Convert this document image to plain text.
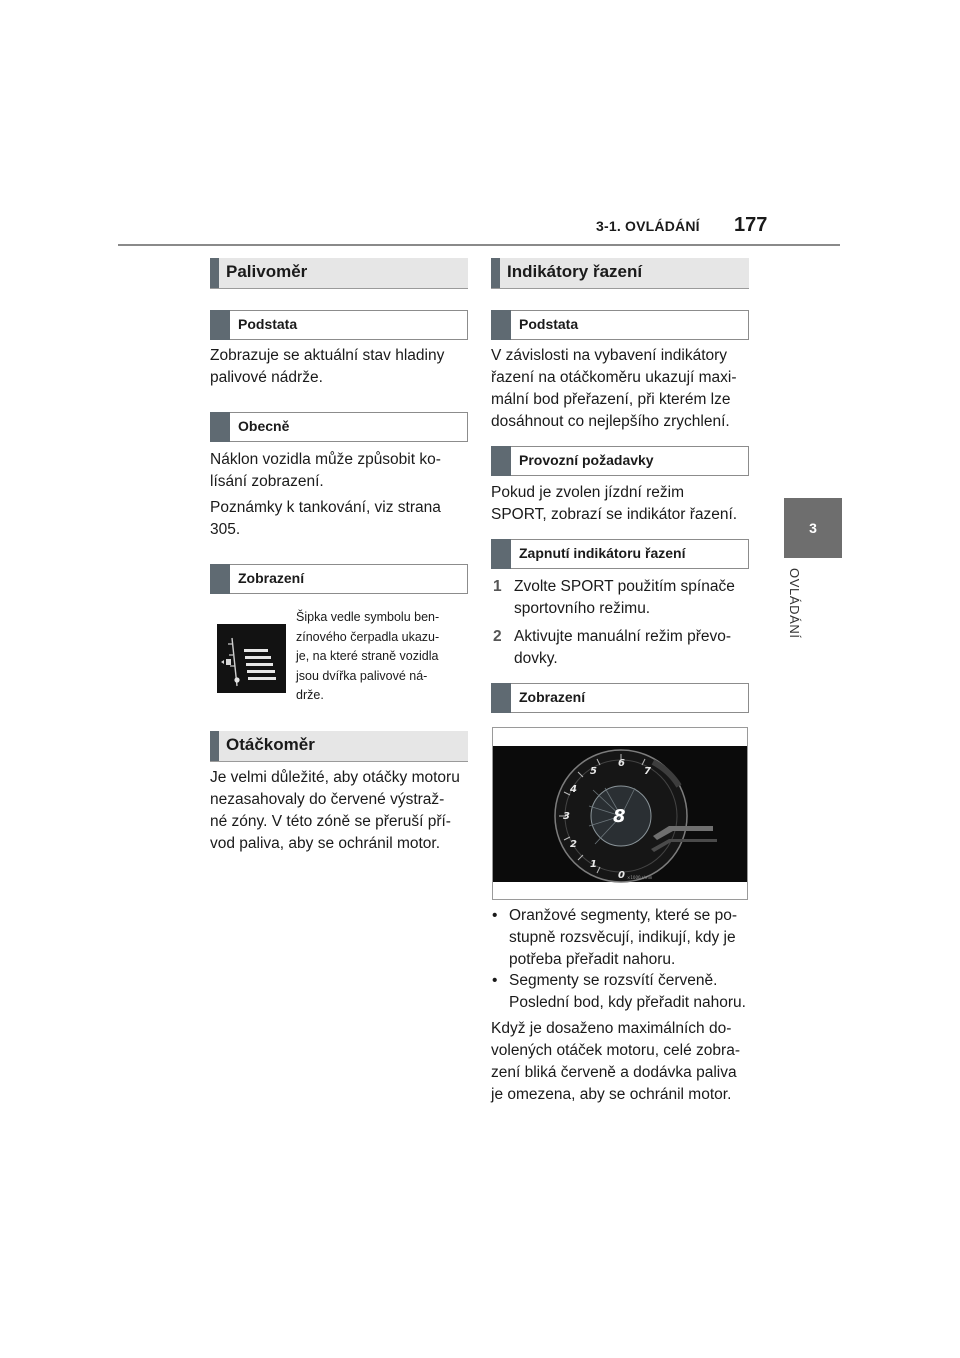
3-1. OVLÁDÁNÍ 177
3
OVLÁDÁNÍ
Palivoměr
Podstata
Zobrazuje se aktuální stav hladiny
palivové nádrže.
Obecně
Náklon vozidla může způsobit ko-
lísání zobrazení.
Poznámky k tankování, viz strana
305.
Zobrazení
Šipka vedle symbolu ben-
zínového čerpadla ukazu-
je, na které straně vozidla
jsou dvířka palivové ná-
drže.
Otáčkoměr
Je velmi důležité, aby otáčky motoru
nezasahovaly do červené výstraž-
né zóny. V této zóně se přeruší pří-
vod paliva, aby se ochránil motor.
Indikátory řazení
Podstata
V závislosti na vybavení indikátory
řazení na otáčkoměru ukazují maxi-
mální bod přeřazení, při kterém lze
dosáhnout co nejlepšího zrychlení.
Provozní požadavky
Pokud je zvolen jízdní režim
SPORT, zobrazí se indikátor řazení.
Zapnutí indikátoru řazení
1 Zvolte SPORT použitím spínače
sportovního režimu.
2 Aktivujte manuální režim převo-
dovky.
Zobrazení
0
1
2
3
4
5
6
7
8
×1000 r/min
• Oranžové segmenty, které se po-
stupně rozsvěcují, indikují, kdy je
potřeba přeřadit nahoru.
• Segmenty se rozsvítí červeně.
Poslední bod, kdy přeřadit nahoru.
Když je dosaženo maximálních do-
volených otáček motoru, celé zobra-
zení bliká červeně a dodávka paliva
je omezena, aby se ochránil motor.
